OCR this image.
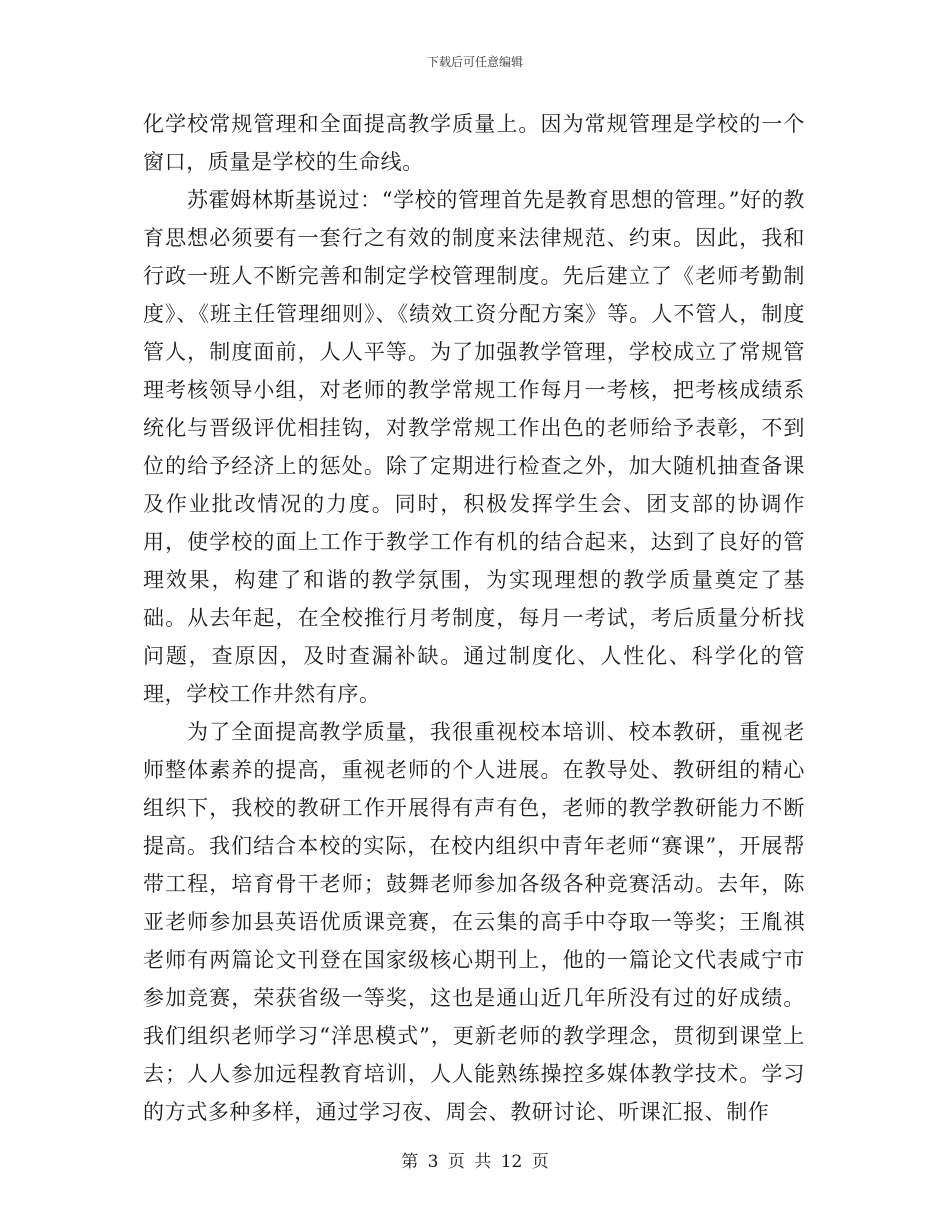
下载后可任意编辑

化学校常规管理和全面提高教学质量上。因为常规管理是学校的一个窗口，质量是学校的生命线。

苏霍姆林斯基说过：“学校的管理首先是教育思想的管理。”好的教育思想必须要有一套行之有效的制度来法律规范、约束。因此，我和行政一班人不断完善和制定学校管理制度。先后建立了《老师考勤制度》、《班主任管理细则》、《绩效工资分配方案》等。人不管人，制度管人，制度面前，人人平等。为了加强教学管理，学校成立了常规管理考核领导小组，对老师的教学常规工作每月一考核，把考核成绩系统化与晋级评优相挂钩，对教学常规工作出色的老师给予表彰，不到位的给予经济上的惩处。除了定期进行检查之外，加大随机抽查备课及作业批改情况的力度。同时，积极发挥学生会、团支部的协调作用，使学校的面上工作于教学工作有机的结合起来，达到了良好的管理效果，构建了和谐的教学氛围，为实现理想的教学质量奠定了基础。从去年起，在全校推行月考制度，每月一考试，考后质量分析找问题，查原因，及时查漏补缺。通过制度化、人性化、科学化的管理，学校工作井然有序。

为了全面提高教学质量，我很重视校本培训、校本教研，重视老师整体素养的提高，重视老师的个人进展。在教导处、教研组的精心组织下，我校的教研工作开展得有声有色，老师的教学教研能力不断提高。我们结合本校的实际，在校内组织中青年老师“赛课”，开展帮带工程，培育骨干老师；鼓舞老师参加各级各种竞赛活动。去年，陈亚老师参加县英语优质课竞赛，在云集的高手中夺取一等奖；王胤祺老师有两篇论文刊登在国家级核心期刊上，他的一篇论文代表咸宁市参加竞赛，荣获省级一等奖，这也是通山近几年所没有过的好成绩。我们组织老师学习“洋思模式”，更新老师的教学理念，贯彻到课堂上去；人人参加远程教育培训，人人能熟练操控多媒体教学技术。学习的方式多种多样，通过学习夜、周会、教研讨论、听课汇报、制作

第 3 页 共 12 页
